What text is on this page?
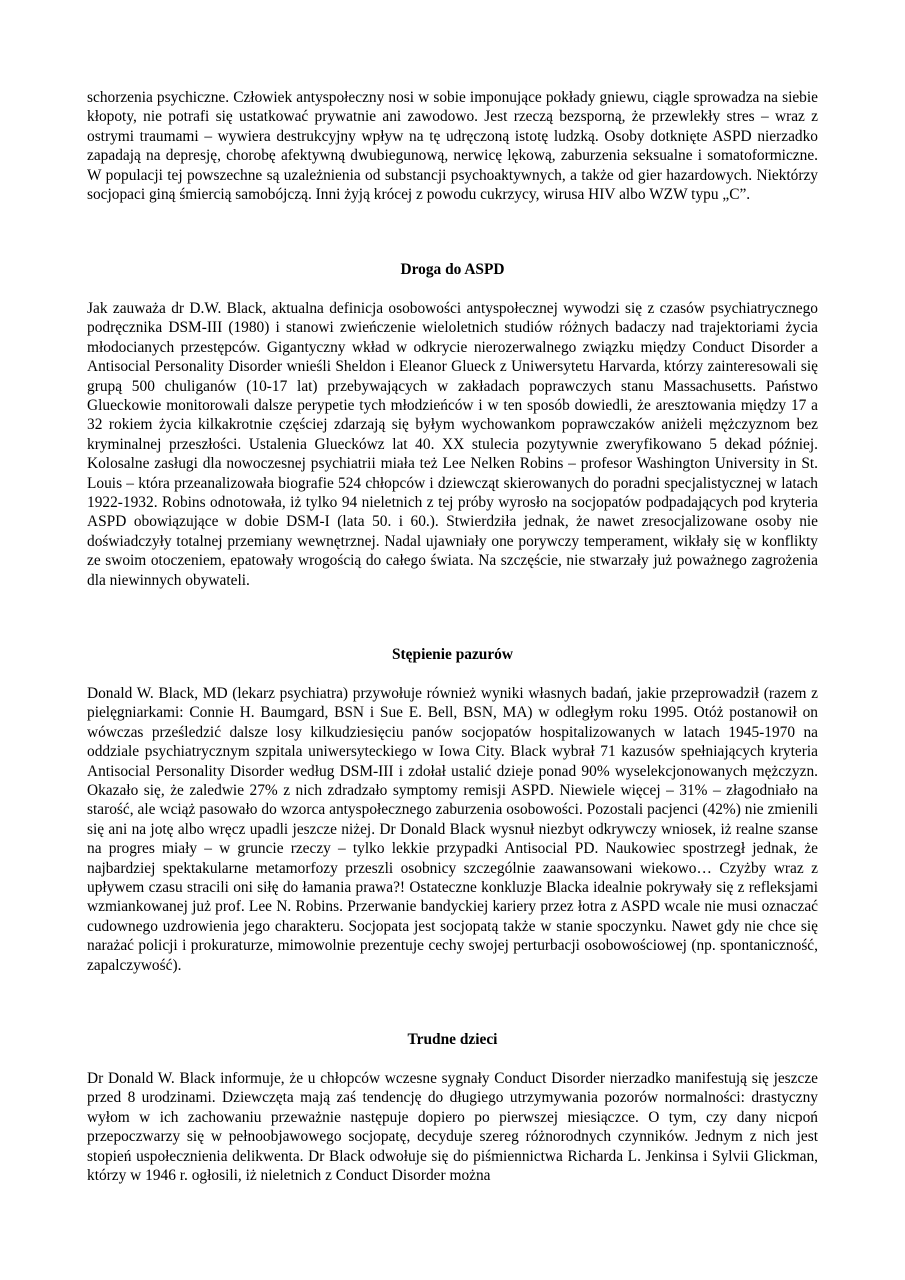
schorzenia psychiczne. Człowiek antyspołeczny nosi w sobie imponujące pokłady gniewu, ciągle sprowadza na siebie kłopoty, nie potrafi się ustatkować prywatnie ani zawodowo. Jest rzeczą bezsporną, że przewlekły stres – wraz z ostrymi traumami – wywiera destrukcyjny wpływ na tę udręczoną istotę ludzką. Osoby dotknięte ASPD nierzadko zapadają na depresję, chorobę afektywną dwubiegunową, nerwicę lękową, zaburzenia seksualne i somatoformiczne. W populacji tej powszechne są uzależnienia od substancji psychoaktywnych, a także od gier hazardowych. Niektórzy socjopaci giną śmiercią samobójczą. Inni żyją krócej z powodu cukrzycy, wirusa HIV albo WZW typu „C”.

Droga do ASPD

Jak zauważa dr D.W. Black, aktualna definicja osobowości antyspołecznej wywodzi się z czasów psychiatrycznego podręcznika DSM-III (1980) i stanowi zwieńczenie wieloletnich studiów różnych badaczy nad trajektoriami życia młodocianych przestępców. Gigantyczny wkład w odkrycie nierozerwalnego związku między Conduct Disorder a Antisocial Personality Disorder wnieśli Sheldon i Eleanor Glueck z Uniwersytetu Harvarda, którzy zainteresowali się grupą 500 chuliganów (10-17 lat) przebywających w zakładach poprawczych stanu Massachusetts. Państwo Glueckowie monitorowali dalsze perypetie tych młodzieńców i w ten sposób dowiedli, że aresztowania między 17 a 32 rokiem życia kilkakrotnie częściej zdarzają się byłym wychowankom poprawczaków aniżeli mężczyznom bez kryminalnej przeszłości. Ustalenia Glueckówz lat 40. XX stulecia pozytywnie zweryfikowano 5 dekad później. Kolosalne zasługi dla nowoczesnej psychiatrii miała też Lee Nelken Robins – profesor Washington University in St. Louis – która przeanalizowała biografie 524 chłopców i dziewcząt skierowanych do poradni specjalistycznej w latach 1922-1932. Robins odnotowała, iż tylko 94 nieletnich z tej próby wyrosło na socjopatów podpadających pod kryteria ASPD obowiązujące w dobie DSM-I (lata 50. i 60.). Stwierdziła jednak, że nawet zresocjalizowane osoby nie doświadczyły totalnej przemiany wewnętrznej. Nadal ujawniały one porywczy temperament, wikłały się w konflikty ze swoim otoczeniem, epatowały wrogością do całego świata. Na szczęście, nie stwarzały już poważnego zagrożenia dla niewinnych obywateli.

Stępienie pazurów

Donald W. Black, MD (lekarz psychiatra) przywołuje również wyniki własnych badań, jakie przeprowadził (razem z pielęgniarkami: Connie H. Baumgard, BSN i Sue E. Bell, BSN, MA) w odległym roku 1995. Otóż postanowił on wówczas prześledzić dalsze losy kilkudziesięciu panów socjopatów hospitalizowanych w latach 1945-1970 na oddziale psychiatrycznym szpitala uniwersyteckiego w Iowa City. Black wybrał 71 kazusów spełniających kryteria Antisocial Personality Disorder według DSM-III i zdołał ustalić dzieje ponad 90% wyselekcjonowanych mężczyzn. Okazało się, że zaledwie 27% z nich zdradzało symptomy remisji ASPD. Niewiele więcej – 31% – złagodniało na starość, ale wciąż pasowało do wzorca antyspołecznego zaburzenia osobowości. Pozostali pacjenci (42%) nie zmienili się ani na jotę albo wręcz upadli jeszcze niżej. Dr Donald Black wysnuł niezbyt odkrywczy wniosek, iż realne szanse na progres miały – w gruncie rzeczy – tylko lekkie przypadki Antisocial PD. Naukowiec spostrzegł jednak, że najbardziej spektakularne metamorfozy przeszli osobnicy szczególnie zaawansowani wiekowo… Czyżby wraz z upływem czasu stracili oni siłę do łamania prawa?! Ostateczne konkluzje Blacka idealnie pokrywały się z refleksjami wzmiankowanej już prof. Lee N. Robins. Przerwanie bandyckiej kariery przez łotra z ASPD wcale nie musi oznaczać cudownego uzdrowienia jego charakteru. Socjopata jest socjopatą także w stanie spoczynku. Nawet gdy nie chce się narażać policji i prokuraturze, mimowolnie prezentuje cechy swojej perturbacji osobowościowej (np. spontaniczność, zapalczywość).

Trudne dzieci

Dr Donald W. Black informuje, że u chłopców wczesne sygnały Conduct Disorder nierzadko manifestują się jeszcze przed 8 urodzinami. Dziewczęta mają zaś tendencję do długiego utrzymywania pozorów normalności: drastyczny wyłom w ich zachowaniu przeważnie następuje dopiero po pierwszej miesiączce. O tym, czy dany nicpoń przepoczwarzy się w pełnoobjawowego socjopatę, decyduje szereg różnorodnych czynników. Jednym z nich jest stopień uspołecznienia delikwenta. Dr Black odwołuje się do piśmiennictwa Richarda L. Jenkinsa i Sylvii Glickman, którzy w 1946 r. ogłosili, iż nieletnich z Conduct Disorder można
